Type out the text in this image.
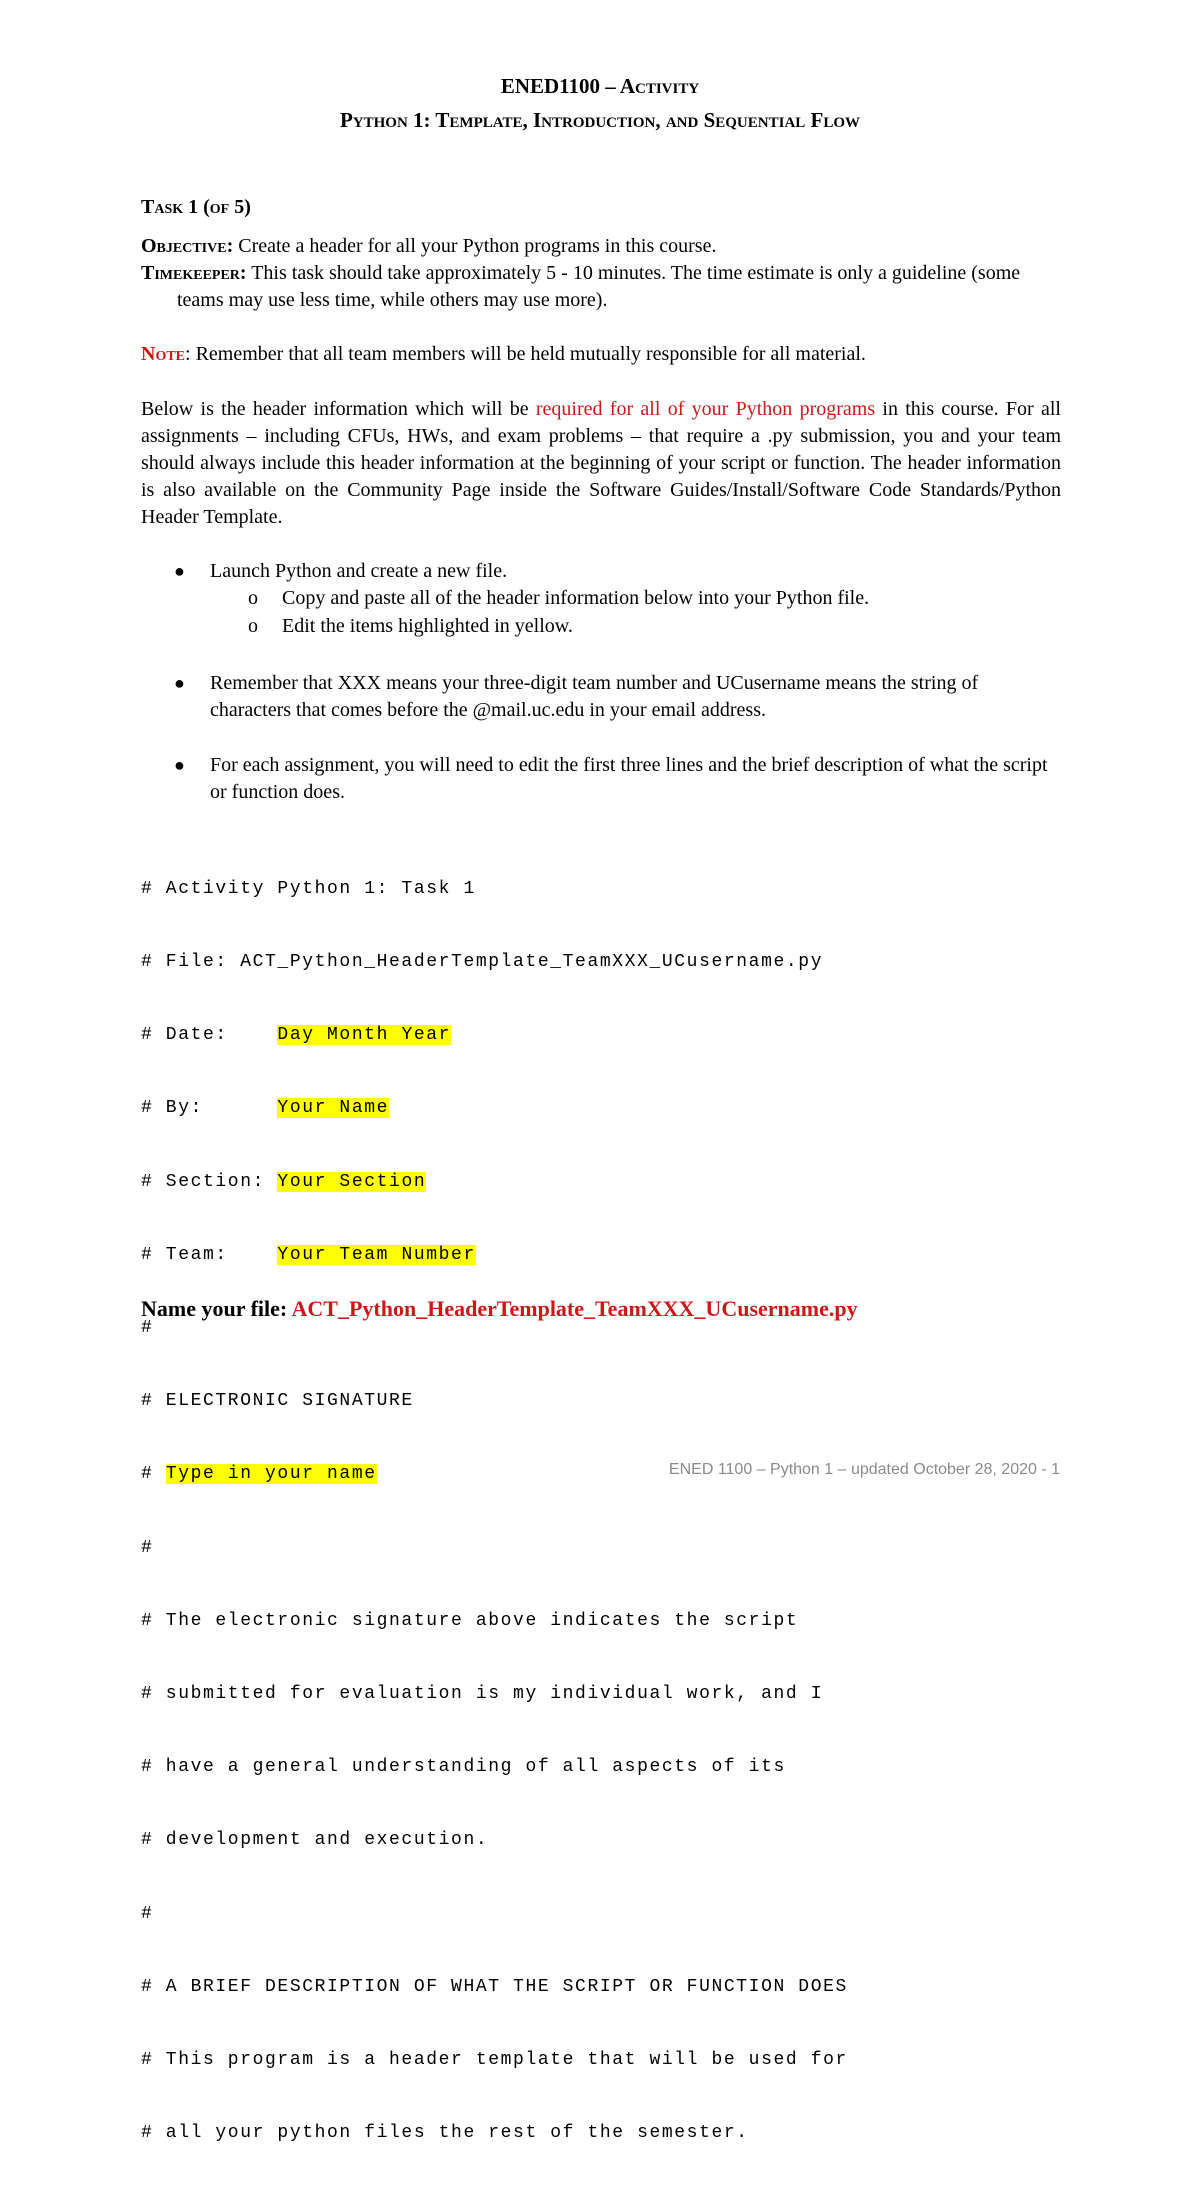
ENED1100 – Activity
Python 1: Template, Introduction, and Sequential Flow
Task 1 (of 5)
Objective: Create a header for all your Python programs in this course.
Timekeeper: This task should take approximately 5 - 10 minutes. The time estimate is only a guideline (some teams may use less time, while others may use more).
Note: Remember that all team members will be held mutually responsible for all material.
Below is the header information which will be required for all of your Python programs in this course. For all assignments – including CFUs, HWs, and exam problems – that require a .py submission, you and your team should always include this header information at the beginning of your script or function. The header information is also available on the Community Page inside the Software Guides/Install/Software Code Standards/Python Header Template.
● Launch Python and create a new file.
o Copy and paste all of the header information below into your Python file.
o Edit the items highlighted in yellow.
● Remember that XXX means your three-digit team number and UCusername means the string of characters that comes before the @mail.uc.edu in your email address.
● For each assignment, you will need to edit the first three lines and the brief description of what the script or function does.

# Activity Python 1: Task 1

# File: ACT_Python_HeaderTemplate_TeamXXX_UCusername.py

# Date:    Day Month Year

# By:      Your Name

# Section: Your Section

# Team:    Your Team Number

#

# ELECTRONIC SIGNATURE

# Type in your name

#

# The electronic signature above indicates the script

# submitted for evaluation is my individual work, and I

# have a general understanding of all aspects of its

# development and execution.

#

# A BRIEF DESCRIPTION OF WHAT THE SCRIPT OR FUNCTION DOES

# This program is a header template that will be used for

# all your python files the rest of the semester.

Name your file: ACT_Python_HeaderTemplate_TeamXXX_UCusername.py
ENED 1100 – Python 1 – updated October 28, 2020 - 1
